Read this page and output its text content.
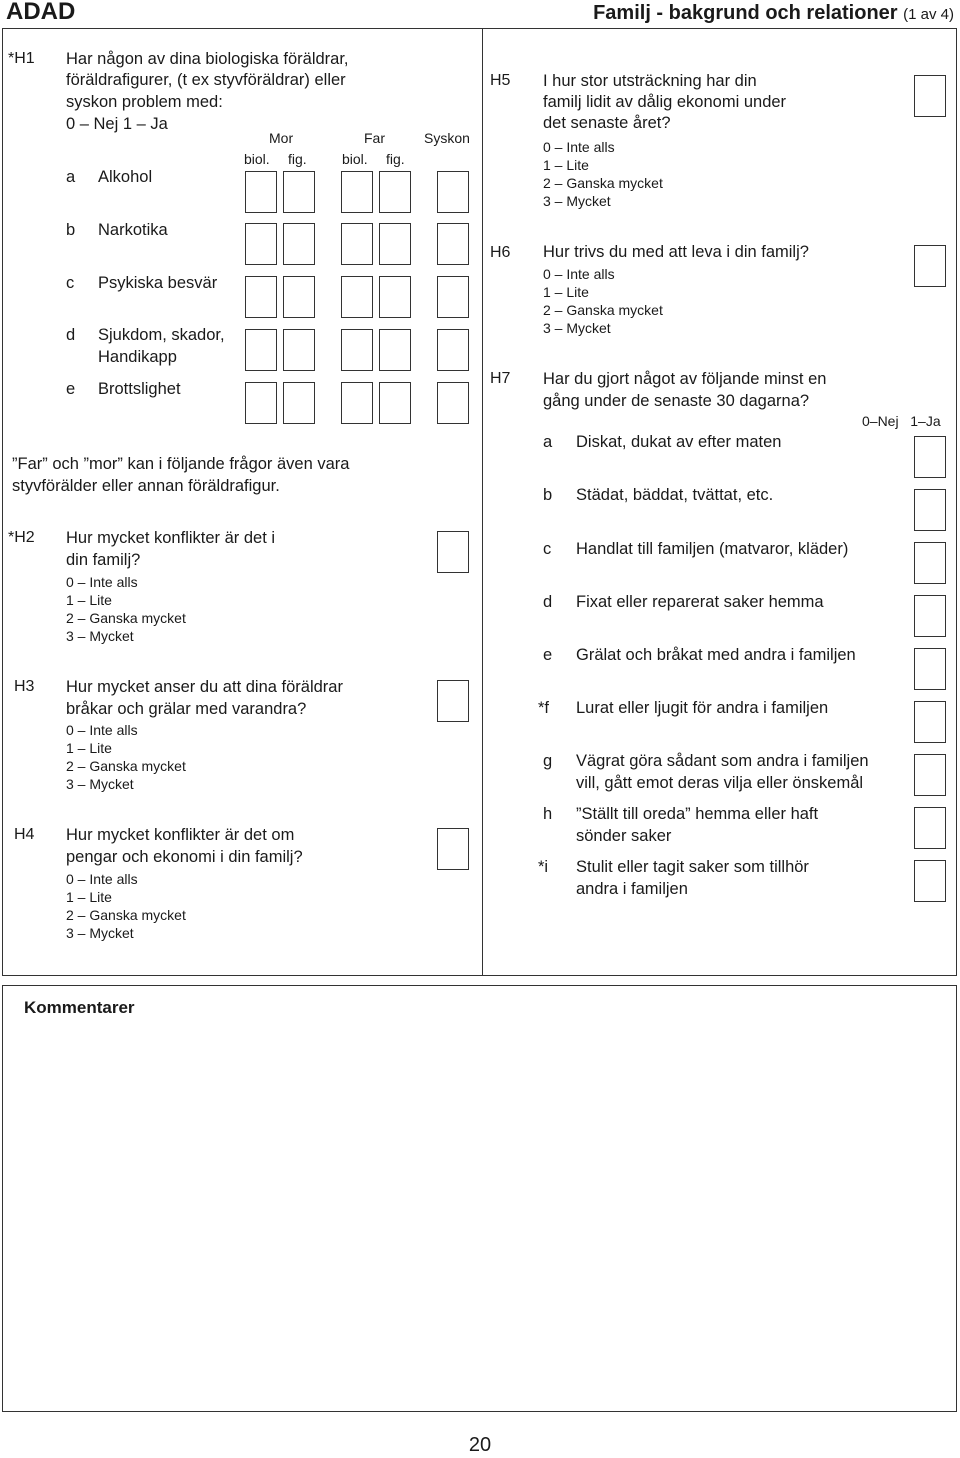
ADAD	Familj - bakgrund och relationer (1 av 4)
*H1 Har någon av dina biologiska föräldrar,
föräldrafigurer, (t ex styvföräldrar) eller
syskon problem med:
0 – Nej 1 – Ja
Mor	Far	Syskon
biol. fig.	biol. fig.
a Alkohol
b Narkotika
c Psykiska besvär
d Sjukdom, skador,
Handikapp
e Brottslighet
”Far” och ”mor” kan i följande frågor även vara
styvförälder eller annan föräldrafigur.
*H2 Hur mycket konflikter är det i
din familj?
0 – Inte alls
1 – Lite
2 – Ganska mycket
3 – Mycket
H3 Hur mycket anser du att dina föräldrar
bråkar och grälar med varandra?
0 – Inte alls
1 – Lite
2 – Ganska mycket
3 – Mycket
H4 Hur mycket konflikter är det om
pengar och ekonomi i din familj?
0 – Inte alls
1 – Lite
2 – Ganska mycket
3 – Mycket
H5 I hur stor utsträckning har din
familj lidit av dålig ekonomi under
det senaste året?
0 – Inte alls
1 – Lite
2 – Ganska mycket
3 – Mycket
H6 Hur trivs du med att leva i din familj?
0 – Inte alls
1 – Lite
2 – Ganska mycket
3 – Mycket
H7 Har du gjort något av följande minst en
gång under de senaste 30 dagarna?
0–Nej   1–Ja
a Diskat, dukat av efter maten
b Städat, bäddat, tvättat, etc.
c Handlat till familjen (matvaror, kläder)
d Fixat eller reparerat saker hemma
e Grälat och bråkat med andra i familjen
*f Lurat eller ljugit för andra i familjen
g Vägrat göra sådant som andra i familjen
vill, gått emot deras vilja eller önskemål
h ”Ställt till oreda” hemma eller haft
sönder saker
*i Stulit eller tagit saker som tillhör
andra i familjen
Kommentarer
20
